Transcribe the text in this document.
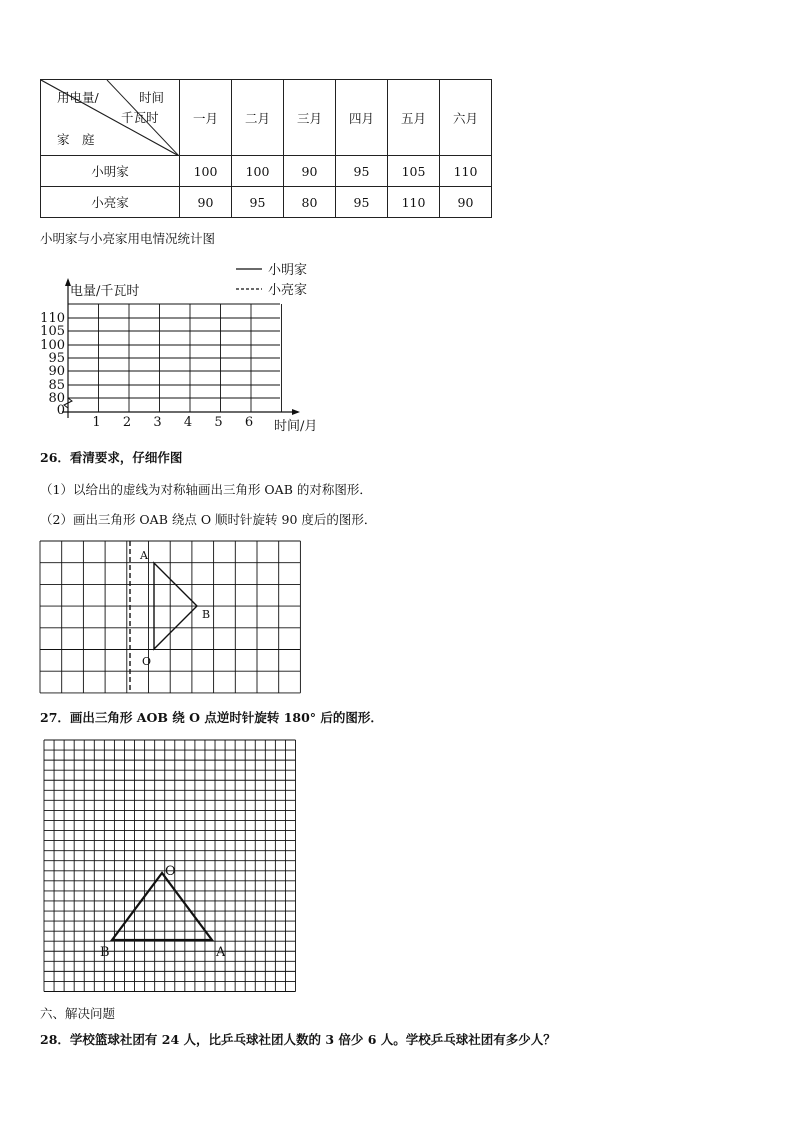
用电量/ 时间
千瓦时
家　庭	一月	二月	三月	四月	五月	六月
小明家	100	100	90	95	105	110
小亮家	90	95	80	95	110	90
小明家与小亮家用电情况统计图
0
80
85
90
95
100
105
110
1 2 3 4 5 6
小明家
小亮家
电量/千瓦时
时间/月
26．看清要求，仔细作图
（1）以给出的虚线为对称轴画出三角形 OAB 的对称图形．
（2）画出三角形 OAB 绕点 O 顺时针旋转 90 度后的图形．
A
B
O
27．画出三角形 AOB 绕 O 点逆时针旋转 180° 后的图形．
O
B	A
六、解决问题
28．学校篮球社团有 24 人，比乒乓球社团人数的 3 倍少 6 人。学校乒乓球社团有多少人？
